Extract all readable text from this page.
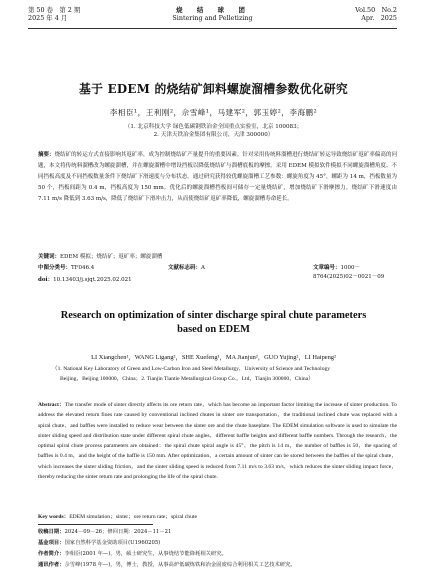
第 50 卷　第 2 期
2025 年 4 月
烧　结　球　团
Sintering and Pelletizing
Vol.50　No.2
Apr.　2025
基于 EDEM 的烧结矿卸料螺旋溜槽参数优化研究
李相臣¹，王利刚²，佘雪峰¹，马建军²，郭玉婷²，李海鹏²
（1. 北京科技大学 绿色低碳钢铁冶金全国重点实验室，北京 100083；
2. 天津天铁冶金集团有限公司，天津 300000）
摘要：烧结矿的转运方式直接影响其返矿率，成为控制烧结矿产量提升的重要因素。针对采用传统料溜槽进行烧结矿转运导致烧结矿返矿率偏高的问题，本文将传统料溜槽改为螺旋溜槽，并在螺旋溜槽中增设挡板以降低烧结矿与溜槽底板的摩擦。采用 EDEM 模拟软件模拟不同螺旋溜槽角度、不同挡板高度及不同挡板数量条件下烧结矿下滑速度与分布状态。通过研究获得较优螺旋溜槽工艺参数：螺旋角度为 45°，螺距为 14 m，挡板数量为 50 个，挡板间距为 0.4 m，挡板高度为 150 mm。优化后的螺旋溜槽挡板间可储存一定量烧结矿，增加烧结矿下滑摩擦力，烧结矿下滑速度由 7.11 m/s 降低到 3.63 m/s，降低了烧结矿下滑冲击力，从而使烧结矿返矿率降低，螺旋溜槽寿命延长。
关键词：EDEM 模拟；烧结矿；返矿率；螺旋溜槽
中图分类号：TF046.4	文献标志码：A	文章编号：1000－8764(2025)02－0021－09
doi：10.13403/j.sjqt.2025.02.021
Research on optimization of sinter discharge spiral chute parameters
based on EDEM
LI Xiangchen¹，WANG Ligang²，SHE Xuefeng¹，MA Jianjun²，GUO Yujing²，LI Haipeng²
（1. National Key Laboratory of Green and Low-Carbon Iron and Steel Metallurgy，University of Science and Technology
Beijing，Beijing 100000，China；2. Tianjin Tiantie Metallurgical Group Co.，Ltd，Tianjin 300000，China）
Abstract：The transfer mode of sinter directly affects its ore return rate，which has become an important factor limiting the increase of sinter production. To address the elevated return fines rate caused by conventional inclined chutes in sinter ore transportation，the traditional inclined chute was replaced with a spiral chute，and baffles were installed to reduce wear between the sinter ore and the chute baseplate. The EDEM simulation software is used to simulate the sinter sliding speed and distribution state under different spiral chute angles，different baffle heights and different baffle numbers. Through the research，the optimal spiral chute process parameters are obtained：the spiral chute spiral angle is 45°，the pitch is 14 m，the number of baffles is 50，the spacing of baffles is 0.4 m，and the height of the baffle is 150 mm. After optimization，a certain amount of sinter can be stored between the baffles of the spiral chute，which increases the sinter sliding friction，and the sinter sliding speed is reduced from 7.11 m/s to 3.63 m/s，which reduces the sinter sliding impact force，thereby reducing the sinter return rate and prolonging the life of the spiral chute.
Key words：EDEM simulation；sinter；ore return rate；spiral chute
收稿日期：2024－09－26；修回日期：2024－11－21
基金项目：国家自然科学基金资助项目(U1960205)
作者简介：李相臣(2001 年—)，男，硕士研究生，从事烧结节能降耗相关研究。
通讯作者：佘雪峰(1978 年—)，男，博士，教授，从事高炉低碳炼铁和冶金固废综合利用相关工艺技术研究。
